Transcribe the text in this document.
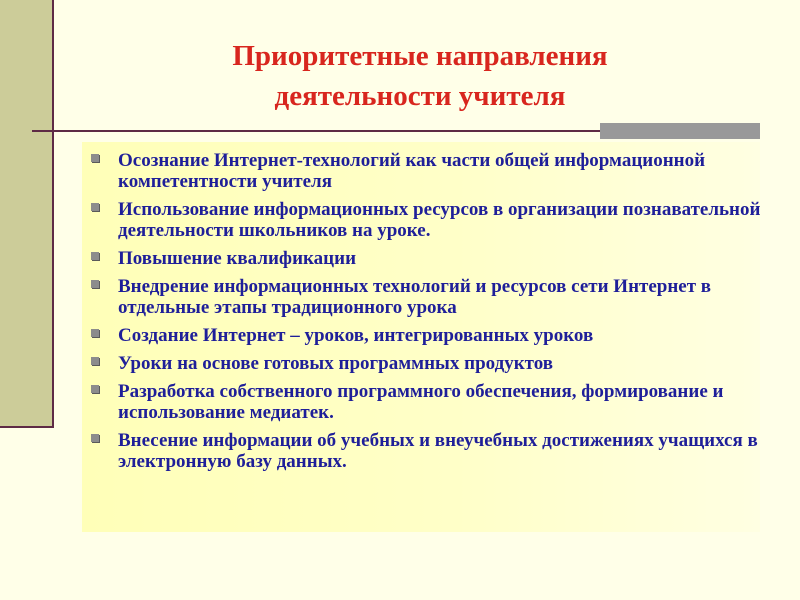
Приоритетные направления
деятельности учителя
Осознание Интернет-технологий как части общей информационной компетентности учителя
Использование информационных ресурсов в организации познавательной деятельности школьников на уроке.
Повышение квалификации
Внедрение информационных технологий и ресурсов сети Интернет в отдельные этапы традиционного урока
Создание Интернет – уроков, интегрированных уроков
Уроки на основе готовых программных продуктов
Разработка собственного программного обеспечения, формирование и использование медиатек.
Внесение информации об учебных и внеучебных достижениях учащихся в электронную базу данных.
